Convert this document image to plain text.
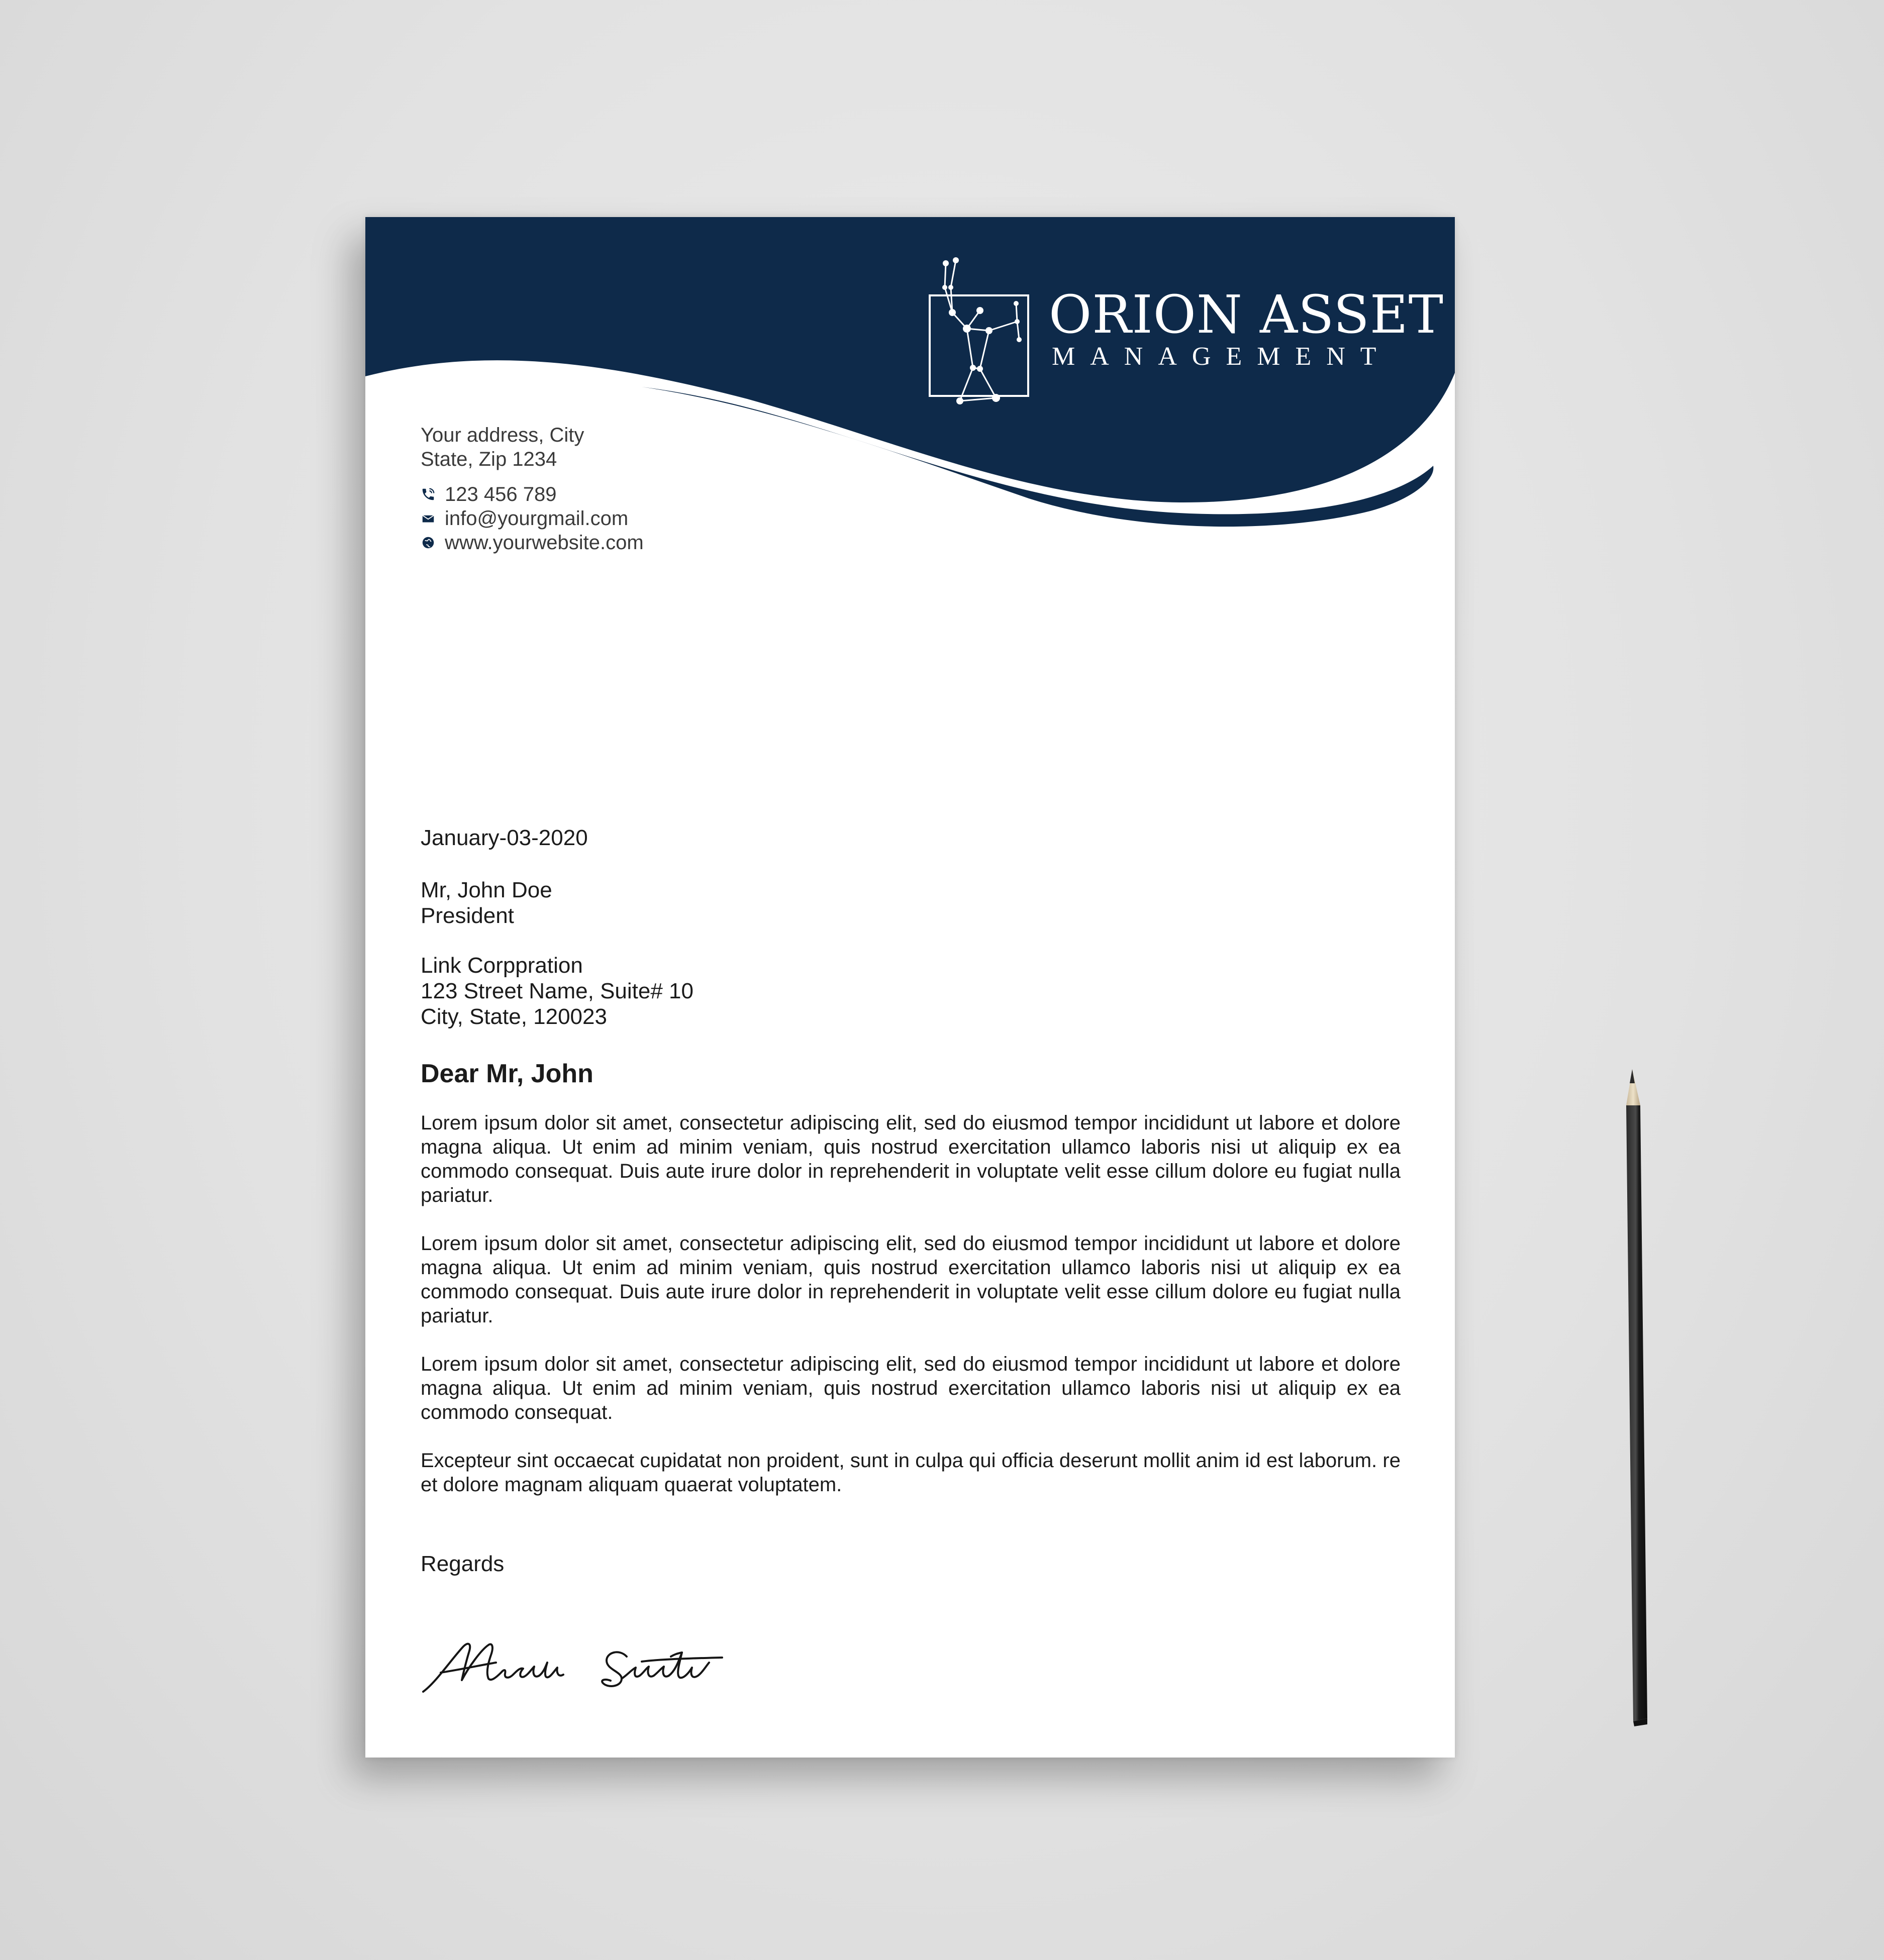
ORION ASSET
MANAGEMENT
Your address, City
State, Zip 1234
123 456 789
info@yourgmail.com
www.yourwebsite.com
January-03-2020
Mr, John Doe
President
Link Corppration
123 Street Name, Suite# 10
City, State, 120023
Dear Mr, John

Lorem ipsum dolor sit amet, consectetur adipiscing elit, sed do eiusmod tempor incididunt ut labore et dolore magna aliqua. Ut enim ad minim veniam, quis nostrud exercitation ullamco laboris nisi ut aliquip ex ea commodo consequat. Duis aute irure dolor in reprehenderit in voluptate velit esse cillum dolore eu fugiat nulla pariatur.

Lorem ipsum dolor sit amet, consectetur adipiscing elit, sed do eiusmod tempor incididunt ut labore et dolore magna aliqua. Ut enim ad minim veniam, quis nostrud exercitation ullamco laboris nisi ut aliquip ex ea commodo consequat. Duis aute irure dolor in reprehenderit in voluptate velit esse cillum dolore eu fugiat nulla pariatur.

Lorem ipsum dolor sit amet, consectetur adipiscing elit, sed do eiusmod tempor incididunt ut labore et dolore magna aliqua. Ut enim ad minim veniam, quis nostrud exercitation ullamco laboris nisi ut aliquip ex ea commodo consequat.

Excepteur sint occaecat cupidatat non proident, sunt in culpa qui officia deserunt mollit anim id est laborum. re et dolore magnam aliquam quaerat voluptatem.

Regards
